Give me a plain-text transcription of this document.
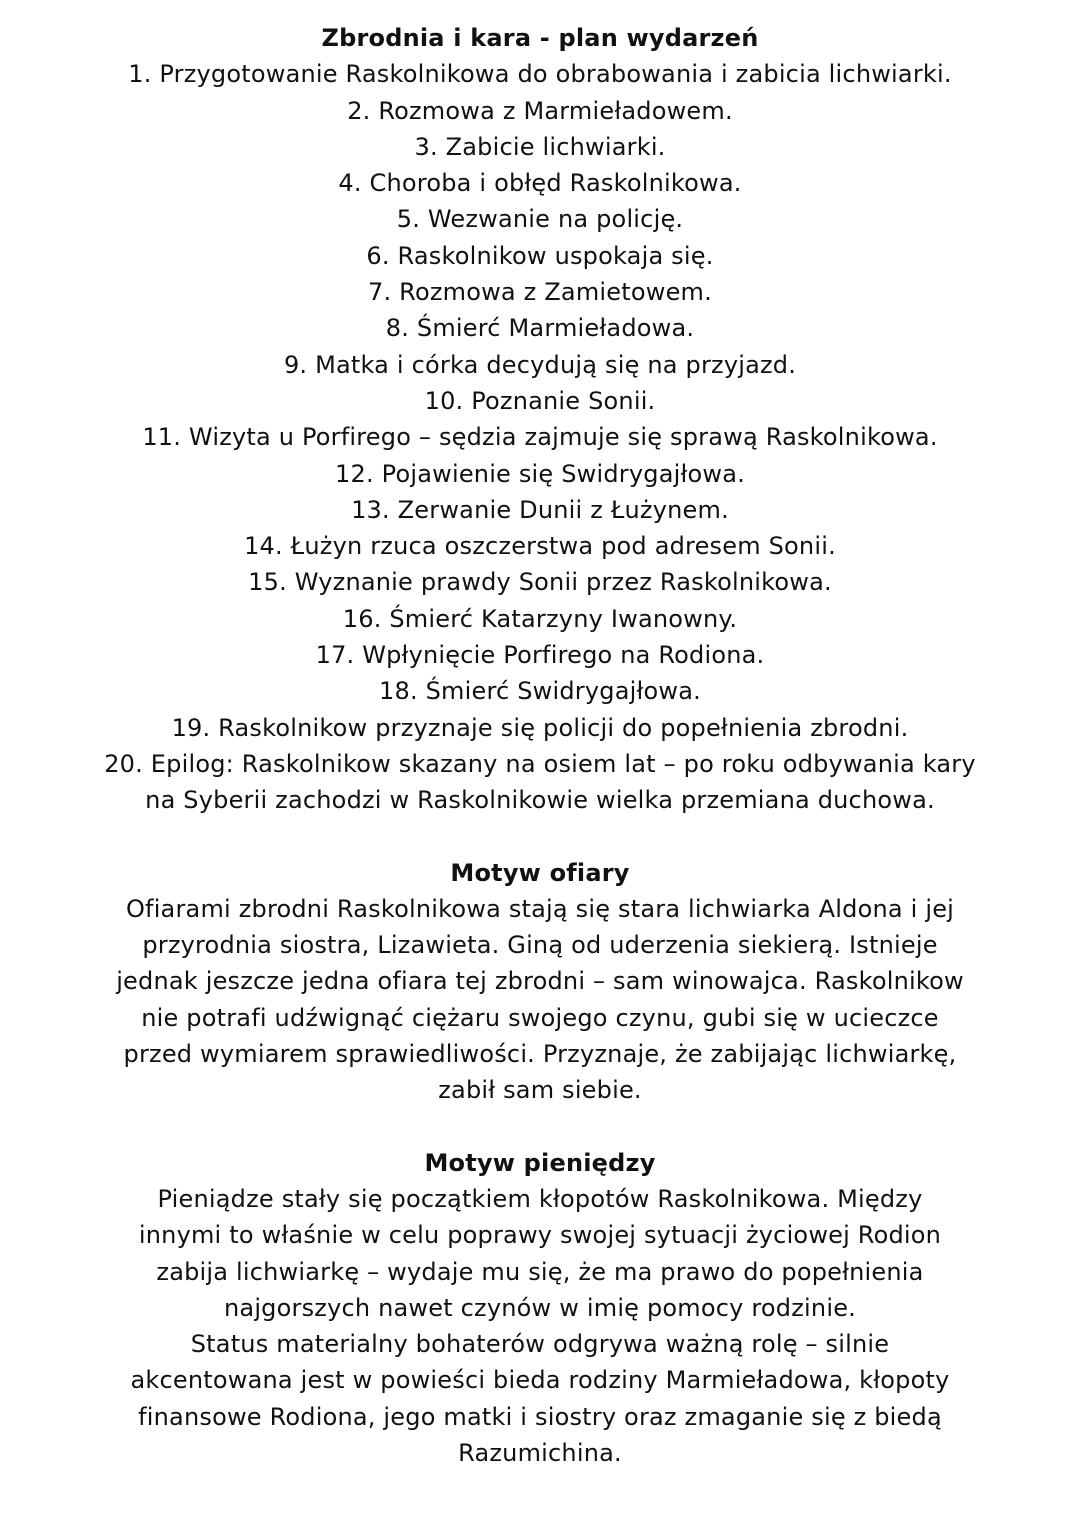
Zbrodnia i kara - plan wydarzeń
1. Przygotowanie Raskolnikowa do obrabowania i zabicia lichwiarki.
2. Rozmowa z Marmieładowem.
3. Zabicie lichwiarki.
4. Choroba i obłęd Raskolnikowa.
5. Wezwanie na policję.
6. Raskolnikow uspokaja się.
7. Rozmowa z Zamietowem.
8. Śmierć Marmieładowa.
9. Matka i córka decydują się na przyjazd.
10. Poznanie Sonii.
11. Wizyta u Porfirego – sędzia zajmuje się sprawą Raskolnikowa.
12. Pojawienie się Swidrygajłowa.
13. Zerwanie Dunii z Łużynem.
14. Łużyn rzuca oszczerstwa pod adresem Sonii.
15. Wyznanie prawdy Sonii przez Raskolnikowa.
16. Śmierć Katarzyny Iwanowny.
17. Wpłynięcie Porfirego na Rodiona.
18. Śmierć Swidrygajłowa.
19. Raskolnikow przyznaje się policji do popełnienia zbrodni.
20. Epilog: Raskolnikow skazany na osiem lat – po roku odbywania kary
na Syberii zachodzi w Raskolnikowie wielka przemiana duchowa.
Motyw ofiary
Ofiarami zbrodni Raskolnikowa stają się stara lichwiarka Aldona i jej
przyrodnia siostra, Lizawieta. Giną od uderzenia siekierą. Istnieje
jednak jeszcze jedna ofiara tej zbrodni – sam winowajca. Raskolnikow
nie potrafi udźwignąć ciężaru swojego czynu, gubi się w ucieczce
przed wymiarem sprawiedliwości. Przyznaje, że zabijając lichwiarkę,
zabił sam siebie.
Motyw pieniędzy
Pieniądze stały się początkiem kłopotów Raskolnikowa. Między
innymi to właśnie w celu poprawy swojej sytuacji życiowej Rodion
zabija lichwiarkę – wydaje mu się, że ma prawo do popełnienia
najgorszych nawet czynów w imię pomocy rodzinie.
Status materialny bohaterów odgrywa ważną rolę – silnie
akcentowana jest w powieści bieda rodziny Marmieładowa, kłopoty
finansowe Rodiona, jego matki i siostry oraz zmaganie się z biedą
Razumichina.
